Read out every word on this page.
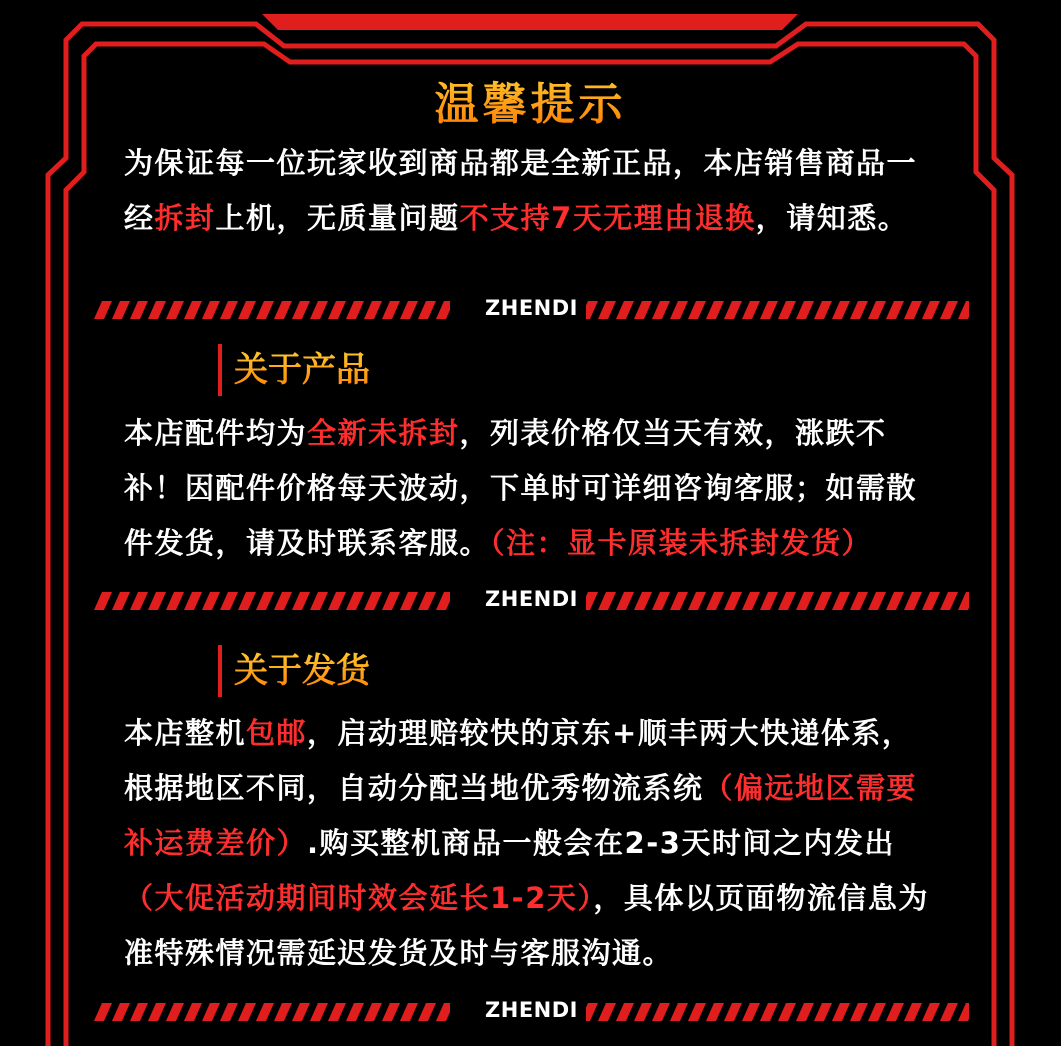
温馨提示
为保证每一位玩家收到商品都是全新正品，本店销售商品一经拆封上机，无质量问题不支持7天无理由退换，请知悉。
ZHENDI
关于产品
本店配件均为全新未拆封，列表价格仅当天有效，涨跌不补！因配件价格每天波动，下单时可详细咨询客服；如需散件发货，请及时联系客服。（注：显卡原装未拆封发货）
ZHENDI
关于发货
本店整机包邮，启动理赔较快的京东+顺丰两大快递体系，根据地区不同，自动分配当地优秀物流系统（偏远地区需要补运费差价）.购买整机商品一般会在2-3天时间之内发出（大促活动期间时效会延长1-2天），具体以页面物流信息为准特殊情况需延迟发货及时与客服沟通。
ZHENDI
